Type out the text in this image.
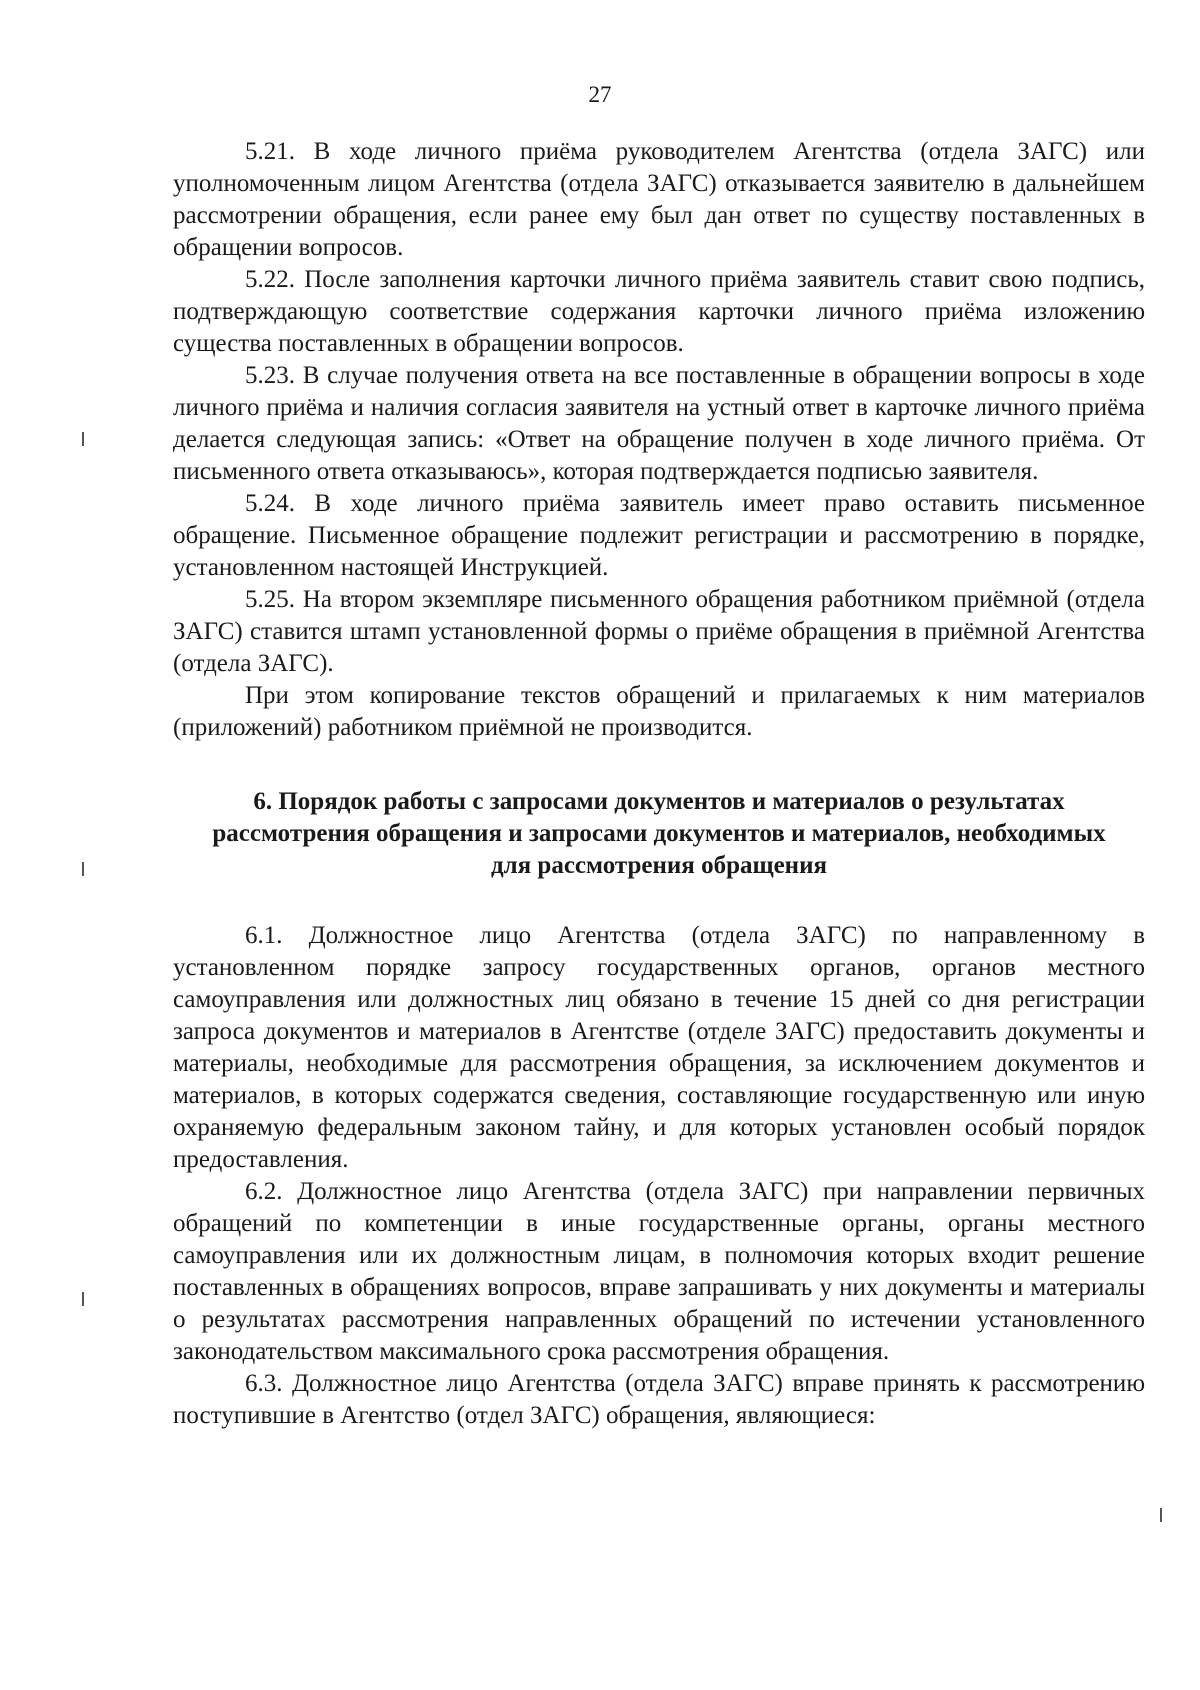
27

5.21. В ходе личного приёма руководителем Агентства (отдела ЗАГС) или уполномоченным лицом Агентства (отдела ЗАГС) отказывается заявителю в дальнейшем рассмотрении обращения, если ранее ему был дан ответ по существу поставленных в обращении вопросов.

5.22. После заполнения карточки личного приёма заявитель ставит свою подпись, подтверждающую соответствие содержания карточки личного приёма изложению существа поставленных в обращении вопросов.

5.23. В случае получения ответа на все поставленные в обращении вопросы в ходе личного приёма и наличия согласия заявителя на устный ответ в карточке личного приёма делается следующая запись: «Ответ на обращение получен в ходе личного приёма. От письменного ответа отказываюсь», которая подтверждается подписью заявителя.

5.24. В ходе личного приёма заявитель имеет право оставить письменное обращение. Письменное обращение подлежит регистрации и рассмотрению в порядке, установленном настоящей Инструкцией.

5.25. На втором экземпляре письменного обращения работником приёмной (отдела ЗАГС) ставится штамп установленной формы о приёме обращения в приёмной Агентства (отдела ЗАГС).

При этом копирование текстов обращений и прилагаемых к ним материалов (приложений) работником приёмной не производится.

6. Порядок работы с запросами документов и материалов о результатах рассмотрения обращения и запросами документов и материалов, необходимых для рассмотрения обращения

6.1. Должностное лицо Агентства (отдела ЗАГС) по направленному в установленном порядке запросу государственных органов, органов местного самоуправления или должностных лиц обязано в течение 15 дней со дня регистрации запроса документов и материалов в Агентстве (отделе ЗАГС) предоставить документы и материалы, необходимые для рассмотрения обращения, за исключением документов и материалов, в которых содержатся сведения, составляющие государственную или иную охраняемую федеральным законом тайну, и для которых установлен особый порядок предоставления.

6.2. Должностное лицо Агентства (отдела ЗАГС) при направлении первичных обращений по компетенции в иные государственные органы, органы местного самоуправления или их должностным лицам, в полномочия которых входит решение поставленных в обращениях вопросов, вправе запрашивать у них документы и материалы о результатах рассмотрения направленных обращений по истечении установленного законодательством максимального срока рассмотрения обращения.

6.3. Должностное лицо Агентства (отдела ЗАГС) вправе принять к рассмотрению поступившие в Агентство (отдел ЗАГС) обращения, являющиеся:
